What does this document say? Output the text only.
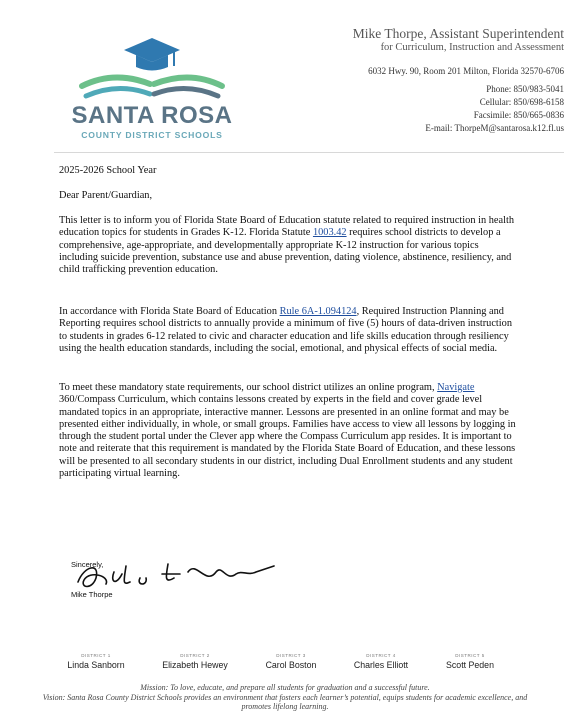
SANTA ROSA
COUNTY DISTRICT SCHOOLS
Mike Thorpe, Assistant Superintendent
for Curriculum, Instruction and Assessment
6032 Hwy. 90, Room 201 Milton, Florida 32570-6706
Phone: 850/983-5041
Cellular: 850/698-6158
Facsimile: 850/665-0836
E-mail: ThorpeM@santarosa.k12.fl.us
2025-2026 School Year
Dear Parent/Guardian,

This letter is to inform you of Florida State Board of Education statute related to required instruction in health education topics for students in Grades K-12. Florida Statute 1003.42 requires school districts to develop a comprehensive, age-appropriate, and developmentally appropriate K-12 instruction for various topics including suicide prevention, substance use and abuse prevention, dating violence, abstinence, resiliency, and child trafficking prevention education.

In accordance with Florida State Board of Education Rule 6A-1.094124, Required Instruction Planning and Reporting requires school districts to annually provide a minimum of five (5) hours of data-driven instruction to students in grades 6-12 related to civic and character education and life skills education through resiliency using the health education standards, including the social, emotional, and physical effects of social media.

To meet these mandatory state requirements, our school district utilizes an online program, Navigate 360/Compass Curriculum, which contains lessons created by experts in the field and cover grade level mandated topics in an appropriate, interactive manner. Lessons are presented in an online format and may be presented either individually, in whole, or small groups. Families have access to view all lessons by logging in through the student portal under the Clever app where the Compass Curriculum app resides. It is important to note and reiterate that this requirement is mandated by the Florida State Board of Education, and these lessons will be presented to all secondary students in our district, including Dual Enrollment students and any student participating virtual learning.

Sincerely,
Mike Thorpe
DISTRICT 1
Linda Sanborn
DISTRICT 2
Elizabeth Hewey
DISTRICT 3
Carol Boston
DISTRICT 4
Charles Elliott
DISTRICT 5
Scott Peden
Mission: To love, educate, and prepare all students for graduation and a successful future.
Vision: Santa Rosa County District Schools provides an environment that fosters each learner’s potential, equips students for academic excellence, and promotes lifelong learning.
